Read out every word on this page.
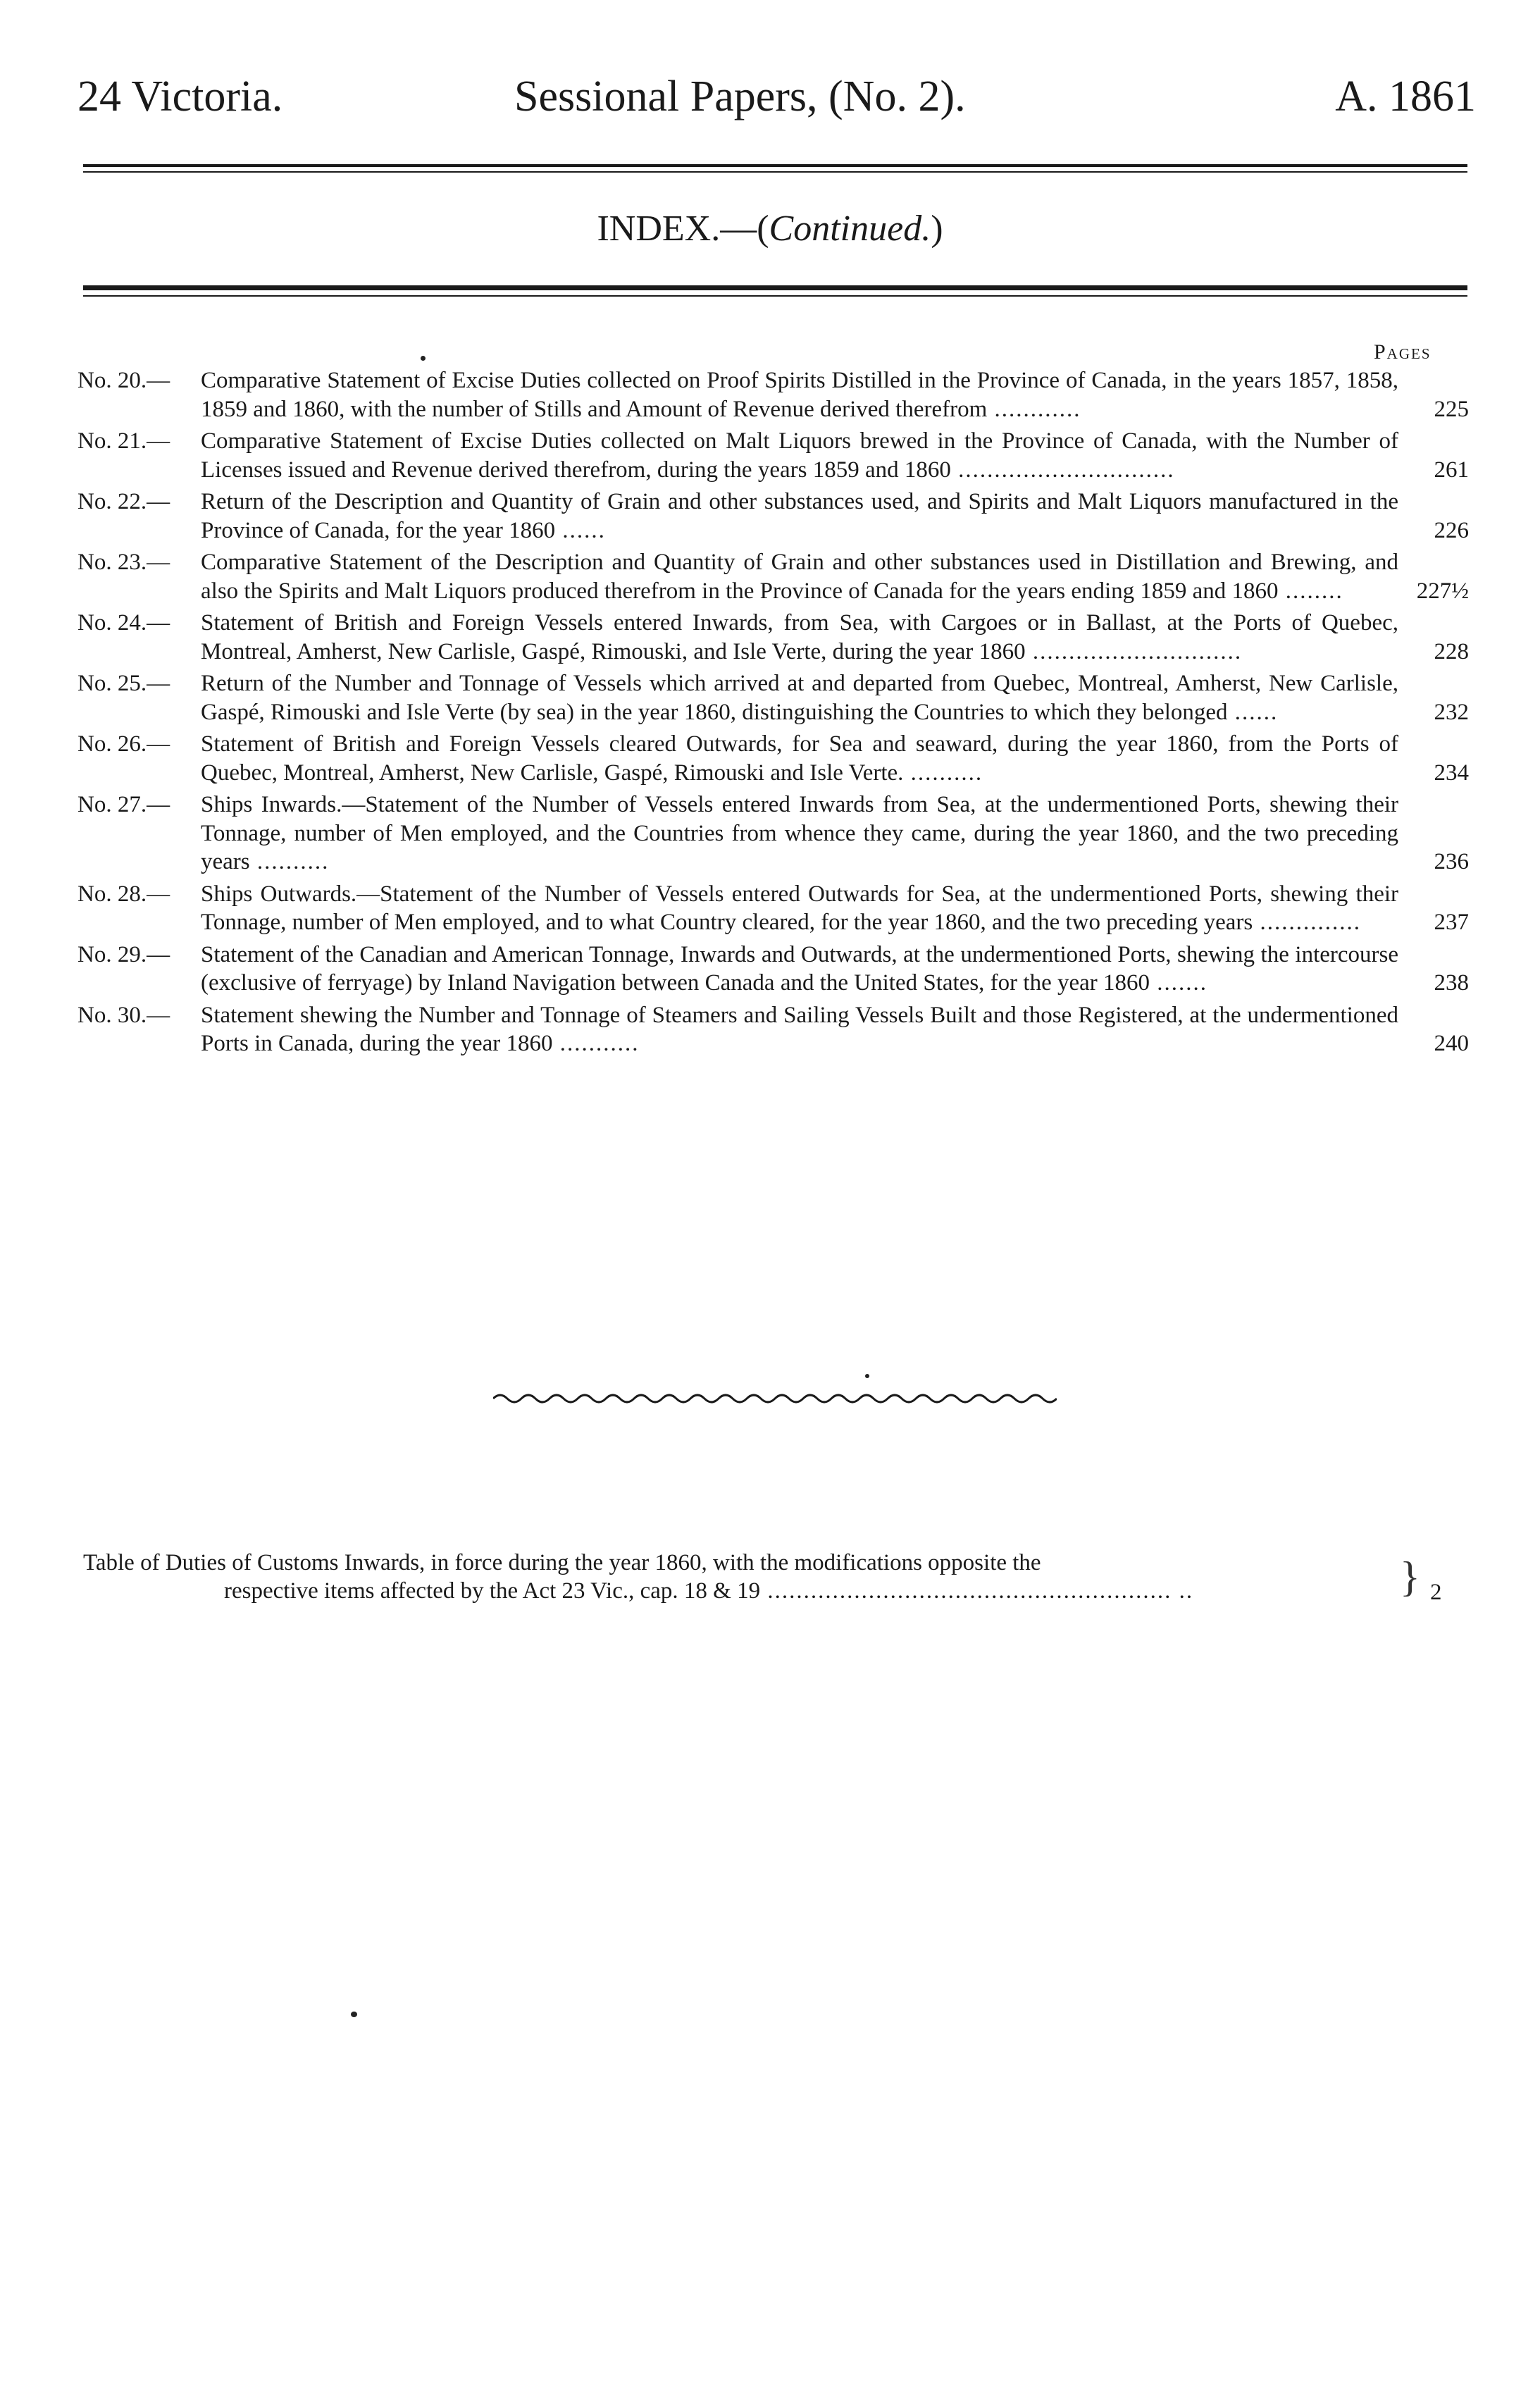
24 Victoria.	Sessional Papers, (No. 2).	A. 1861
INDEX.—(Continued.)
Pages
No. 20.— Comparative Statement of Excise Duties collected on Proof Spirits Distilled in the Province of Canada, in the years 1857, 1858, 1859 and 1860, with the number of Stills and Amount of Revenue derived therefrom ............	225
No. 21.— Comparative Statement of Excise Duties collected on Malt Liquors brewed in the Province of Canada, with the Number of Licenses issued and Revenue derived therefrom, during the years 1859 and 1860 ..............................	261
No. 22.— Return of the Description and Quantity of Grain and other substances used, and Spirits and Malt Liquors manufactured in the Province of Canada, for the year 1860 ......	226
No. 23.— Comparative Statement of the Description and Quantity of Grain and other substances used in Distillation and Brewing, and also the Spirits and Malt Liquors produced therefrom in the Province of Canada for the years ending 1859 and 1860 ........	227½
No. 24.— Statement of British and Foreign Vessels entered Inwards, from Sea, with Cargoes or in Ballast, at the Ports of Quebec, Montreal, Amherst, New Carlisle, Gaspé, Rimouski, and Isle Verte, during the year 1860 .............................	228
No. 25.— Return of the Number and Tonnage of Vessels which arrived at and departed from Quebec, Montreal, Amherst, New Carlisle, Gaspé, Rimouski and Isle Verte (by sea) in the year 1860, distinguishing the Countries to which they belonged ......	232
No. 26.— Statement of British and Foreign Vessels cleared Outwards, for Sea and seaward, during the year 1860, from the Ports of Quebec, Montreal, Amherst, New Carlisle, Gaspé, Rimouski and Isle Verte. ..........	234
No. 27.— Ships Inwards.—Statement of the Number of Vessels entered Inwards from Sea, at the undermentioned Ports, shewing their Tonnage, number of Men employed, and the Countries from whence they came, during the year 1860, and the two preceding years ..........	236
No. 28.— Ships Outwards.—Statement of the Number of Vessels entered Outwards for Sea, at the undermentioned Ports, shewing their Tonnage, number of Men employed, and to what Country cleared, for the year 1860, and the two preceding years ..............	237
No. 29.— Statement of the Canadian and American Tonnage, Inwards and Outwards, at the undermentioned Ports, shewing the intercourse (exclusive of ferryage) by Inland Navigation between Canada and the United States, for the year 1860 .......	238
No. 30.— Statement shewing the Number and Tonnage of Steamers and Sailing Vessels Built and those Registered, at the undermentioned Ports in Canada, during the year 1860 ...........	240
Table of Duties of Customs Inwards, in force during the year 1860, with the modifications opposite the
respective items affected by the Act 23 Vic., cap. 18 & 19 ........................................................ ..	} 2
